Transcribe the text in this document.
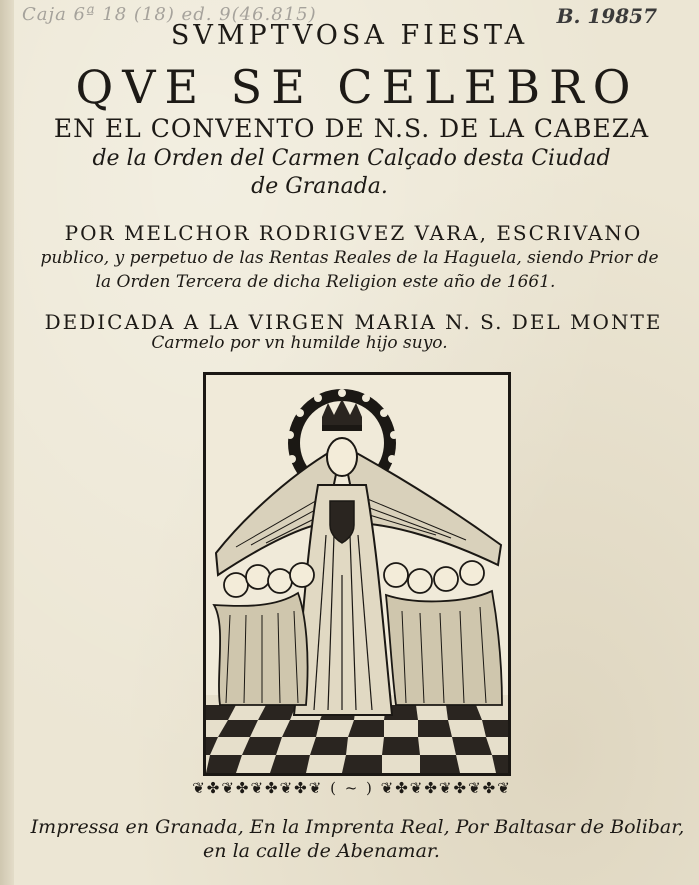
Caja 6ª 18 (18) ed. 9(46.815)	B. 19857
SVMPTVOSA FIESTA
QVE SE CELEBRO
EN EL CONVENTO DE N.S. DE LA CABEZA
de la Orden del Carmen Calçado desta Ciudad
de Granada.
POR MELCHOR RODRIGVEZ VARA, ESCRIVANO
publico, y perpetuo de las Rentas Reales de la Haguela, siendo Prior de
la Orden Tercera de dicha Religion este año de 1661.
DEDICADA A LA VIRGEN MARIA N. S. DEL MONTE
Carmelo por vn humilde hijo suyo.
❦✤❦✤❦✤❦✤❦ ( ~ ) ❦✤❦✤❦✤❦✤❦
Impressa en Granada, En la Imprenta Real, Por Baltasar de Bolibar,
en la calle de Abenamar.
